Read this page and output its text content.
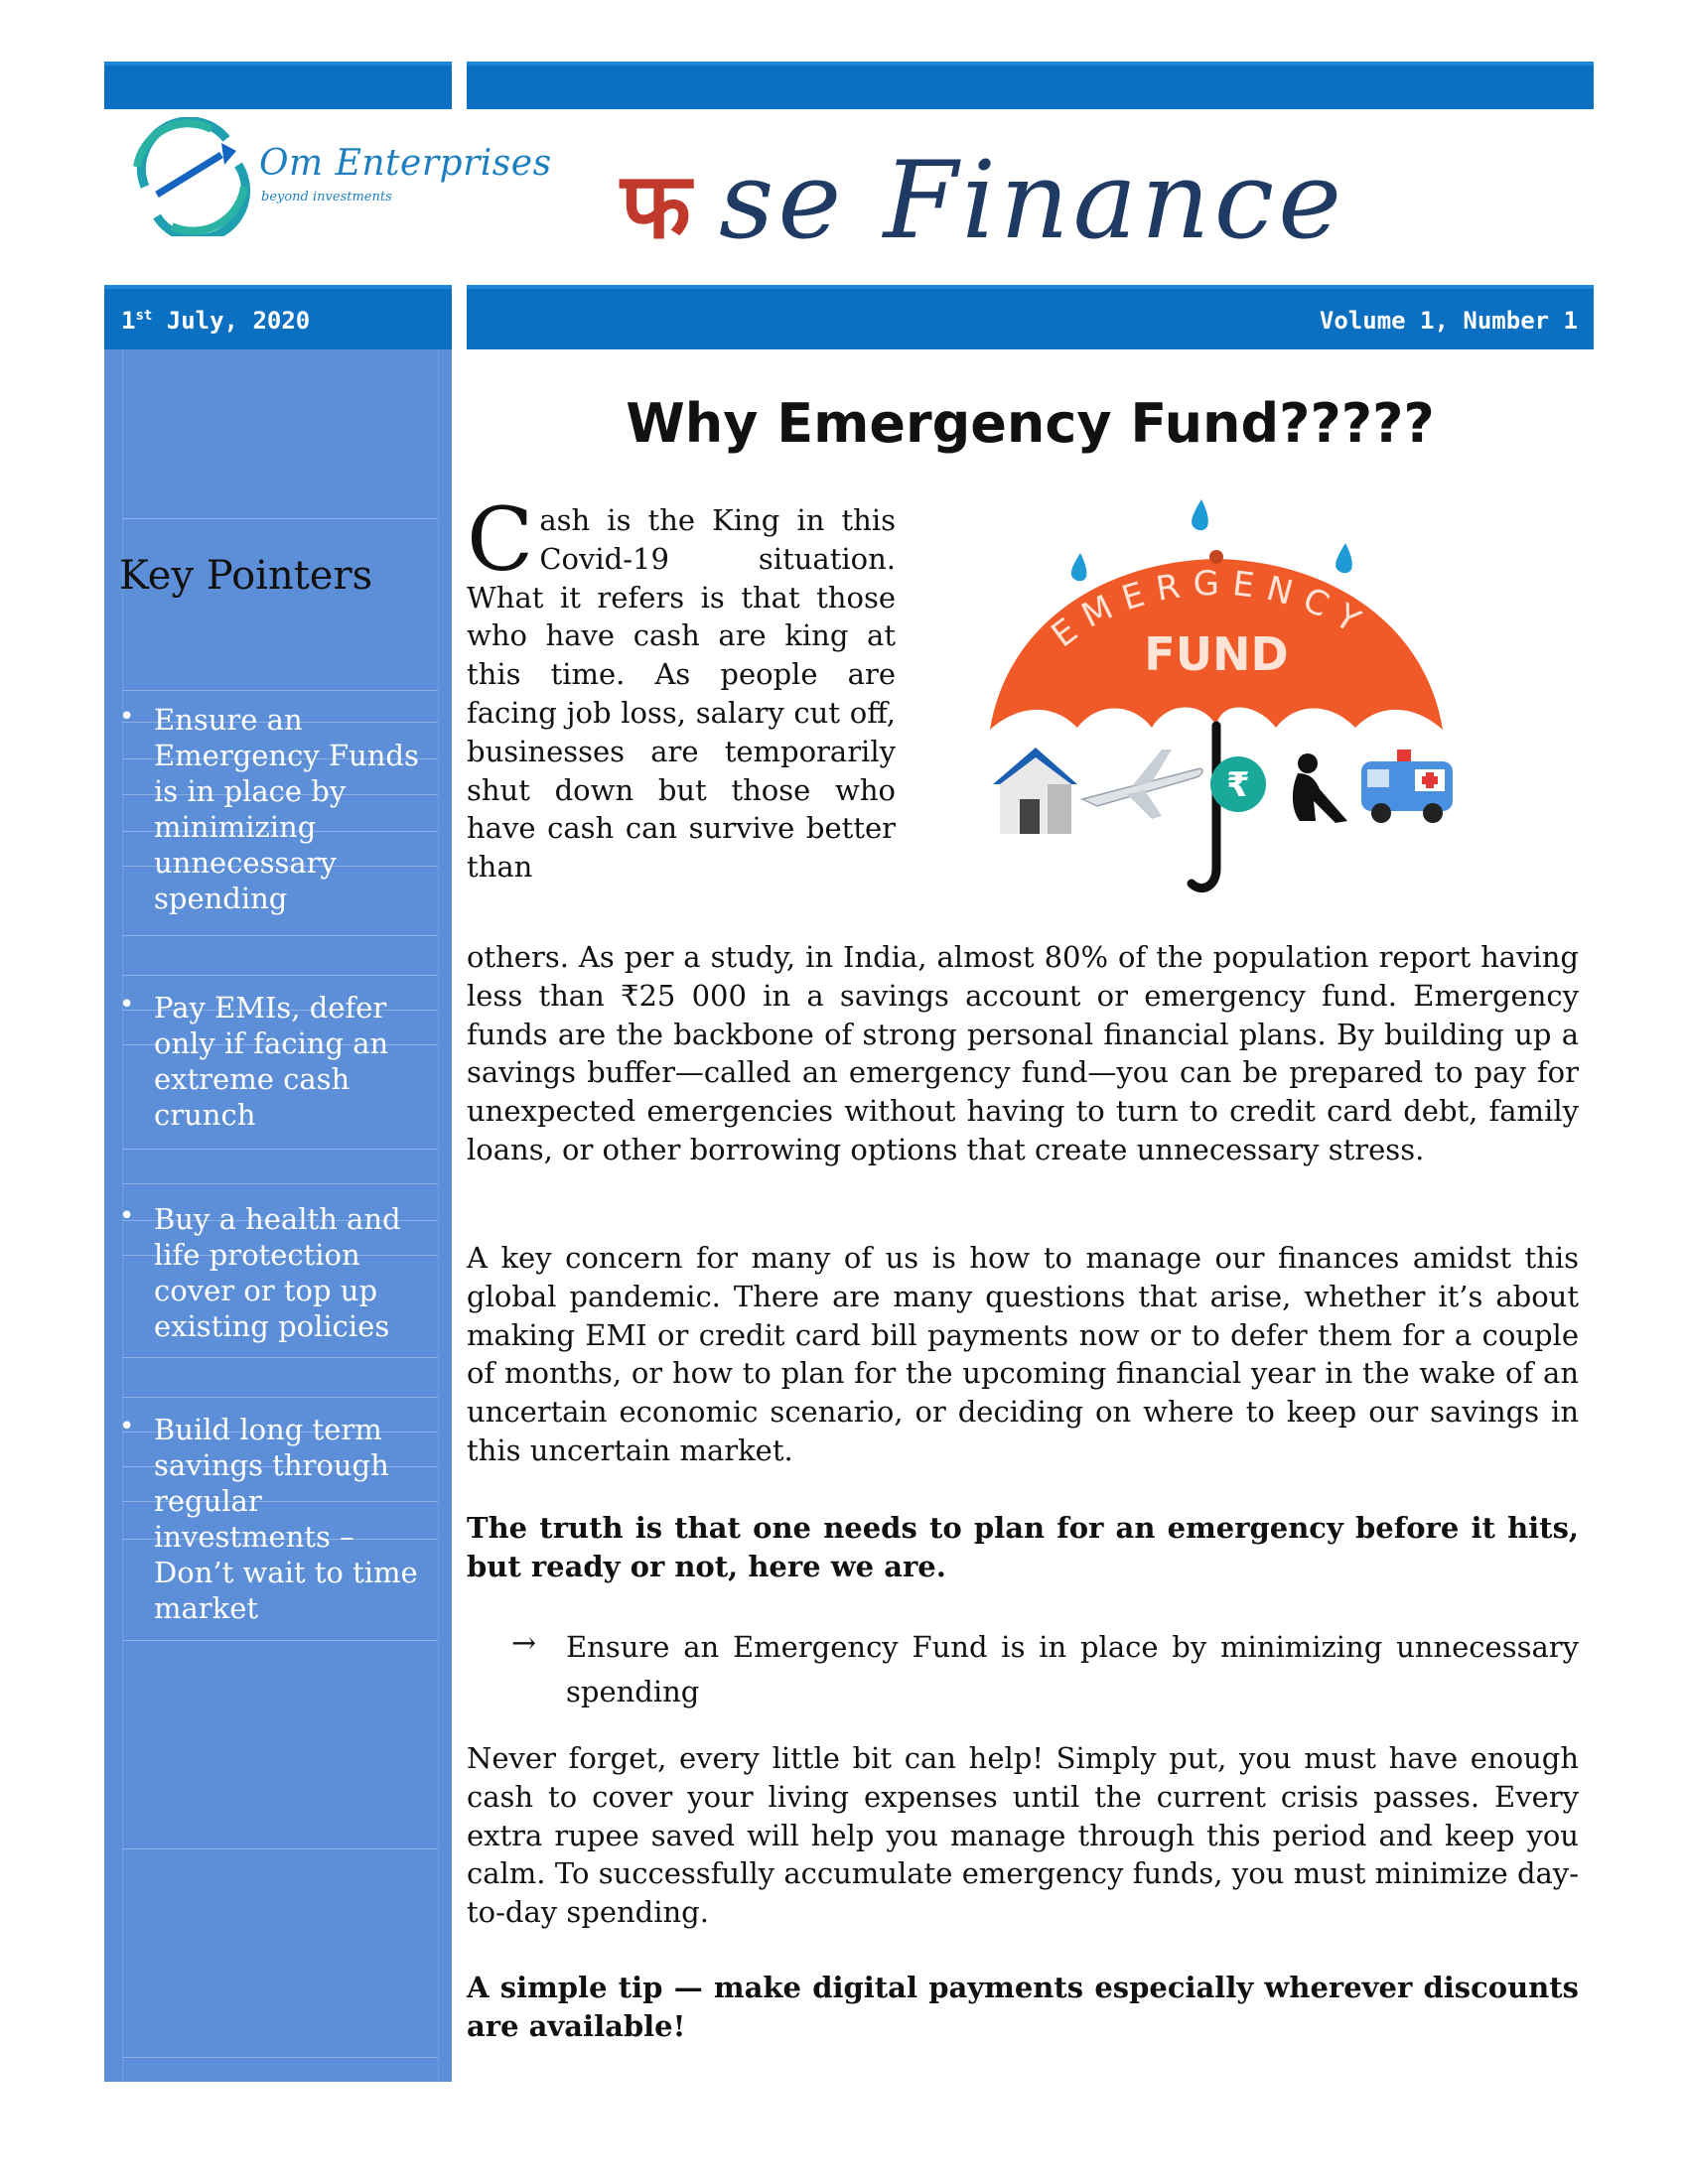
Om Enterprises
beyond investments	फ se Finance
1st July, 2020	Volume 1, Number 1
Key Pointers
• Ensure an Emergency Funds is in place by minimizing unnecessary spending
• Pay EMIs, defer only if facing an extreme cash crunch
• Buy a health and life protection cover or top up existing policies
• Build long term savings through regular investments – Don’t wait to time market
Why Emergency Fund?????
Cash is the King in this Covid-19 situation. What it refers is that those who have cash are king at this time. As people are facing job loss, salary cut off, businesses are temporarily shut down but those who have cash can survive better than
EMERGENCY
FUND
₹

others. As per a study, in India, almost 80% of the population report having less than ₹25 000 in a savings account or emergency fund. Emergency funds are the backbone of strong personal financial plans. By building up a savings buffer—called an emergency fund—you can be prepared to pay for unexpected emergencies without having to turn to credit card debt, family loans, or other borrowing options that create unnecessary stress.

A key concern for many of us is how to manage our finances amidst this global pandemic. There are many questions that arise, whether it’s about making EMI or credit card bill payments now or to defer them for a couple of months, or how to plan for the upcoming financial year in the wake of an uncertain economic scenario, or deciding on where to keep our savings in this uncertain market.

The truth is that one needs to plan for an emergency before it hits, but ready or not, here we are.

→ Ensure an Emergency Fund is in place by minimizing unnecessary spending

Never forget, every little bit can help! Simply put, you must have enough cash to cover your living expenses until the current crisis passes. Every extra rupee saved will help you manage through this period and keep you calm. To successfully accumulate emergency funds, you must minimize day-to-day spending.

A simple tip — make digital payments especially wherever discounts are available!
